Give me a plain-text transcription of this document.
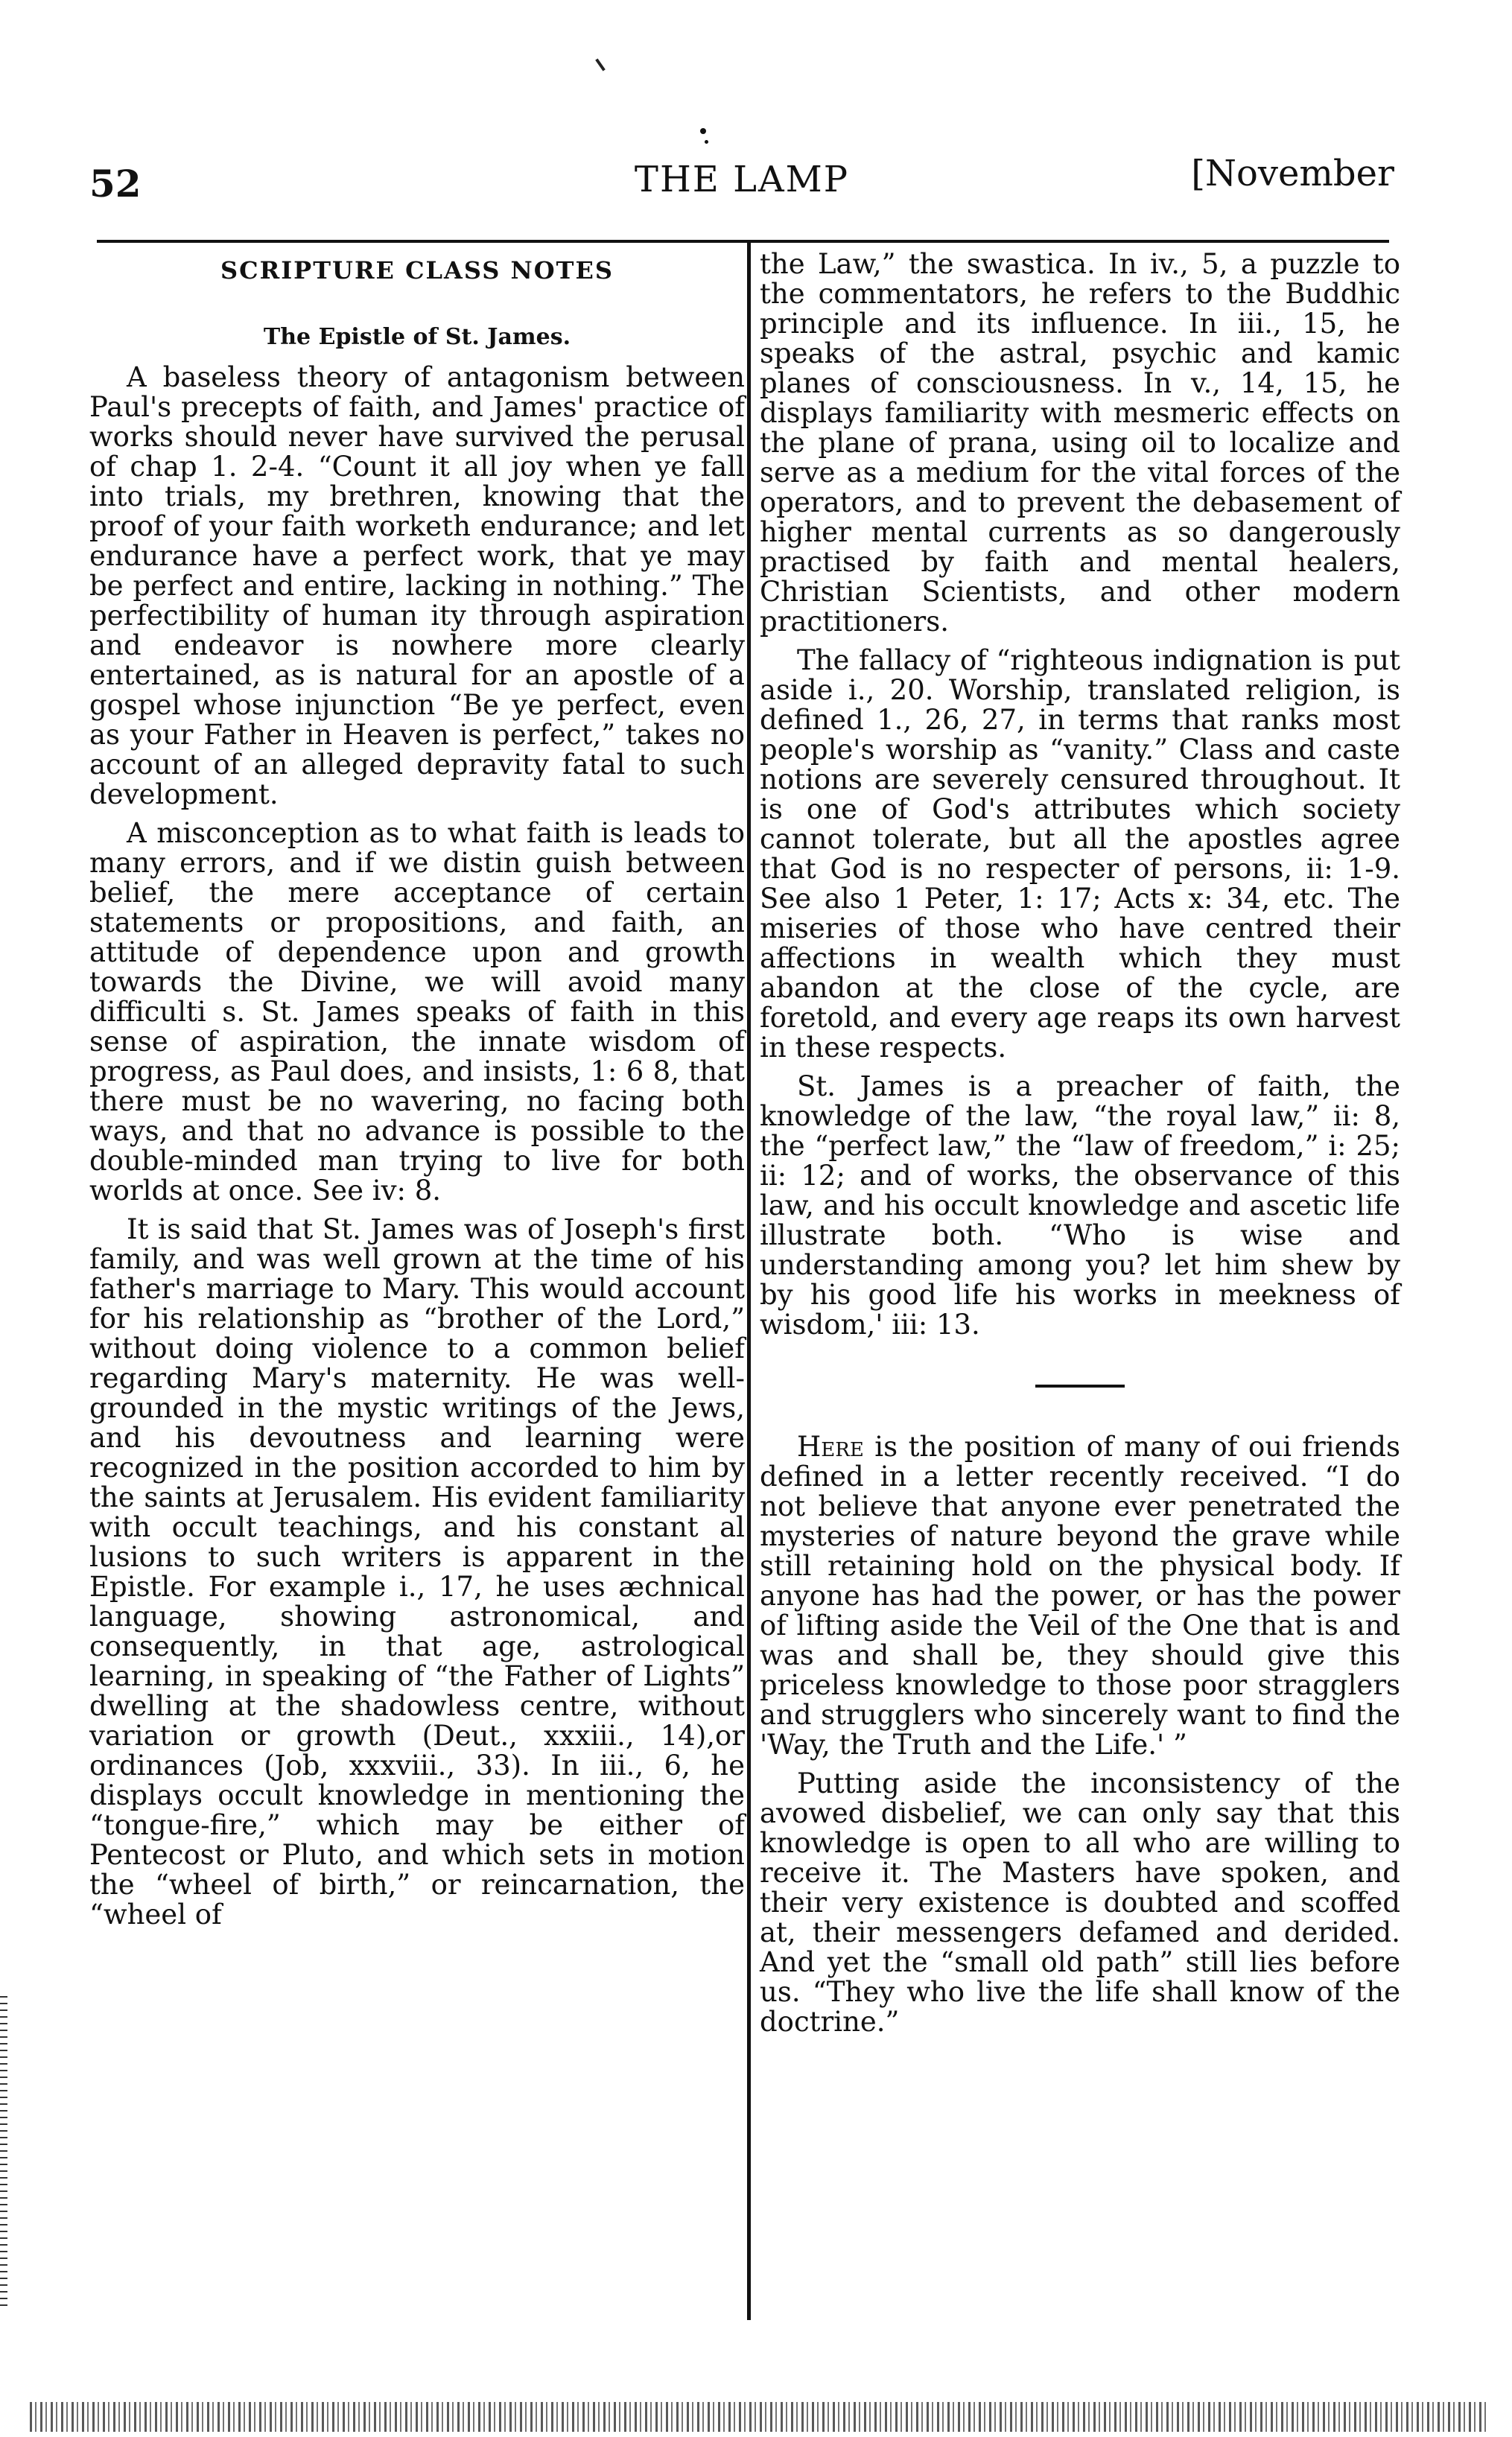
52	THE LAMP	[November
SCRIPTURE CLASS NOTES
The Epistle of St. James.

A baseless theory of antagonism between Paul's precepts of faith, and James' practice of works should never have survived the perusal of chap 1. 2-4. “Count it all joy when ye fall into trials, my brethren, knowing that the proof of your faith worketh endurance; and let endurance have a perfect work, that ye may be perfect and entire, lacking in nothing.” The perfectibility of human ity through aspiration and endeavor is nowhere more clearly entertained, as is natural for an apostle of a gospel whose injunction “Be ye perfect, even as your Father in Heaven is perfect,” takes no account of an alleged depravity fatal to such development.

A misconception as to what faith is leads to many errors, and if we distin guish between belief, the mere acceptance of certain statements or propositions, and faith, an attitude of dependence upon and growth towards the Divine, we will avoid many difficulti s. St. James speaks of faith in this sense of aspiration, the innate wisdom of progress, as Paul does, and insists, 1: 6 8, that there must be no wavering, no facing both ways, and that no advance is possible to the double-minded man trying to live for both worlds at once. See iv: 8.

It is said that St. James was of Joseph's first family, and was well grown at the time of his father's marriage to Mary. This would account for his relationship as “brother of the Lord,” without doing violence to a common belief regarding Mary's maternity. He was well-grounded in the mystic writings of the Jews, and his devoutness and learning were recognized in the position accorded to him by the saints at Jerusalem. His evident familiarity with occult teachings, and his constant al lusions to such writers is apparent in the Epistle. For example i., 17, he uses æchnical language, showing astronomical, and consequently, in that age, astrological learning, in speaking of “the Father of Lights” dwelling at the shadowless centre, without variation or growth (Deut., xxxiii., 14),or ordinances (Job, xxxviii., 33). In iii., 6, he displays occult knowledge in mentioning the “tongue-fire,” which may be either of Pentecost or Pluto, and which sets in motion the “wheel of birth,” or reincarnation, the “wheel of

the Law,” the swastica. In iv., 5, a puzzle to the commentators, he refers to the Buddhic principle and its influence. In iii., 15, he speaks of the astral, psychic and kamic planes of consciousness. In v., 14, 15, he displays familiarity with mesmeric effects on the plane of prana, using oil to localize and serve as a medium for the vital forces of the operators, and to prevent the debasement of higher mental currents as so dangerously practised by faith and mental healers, Christian Scientists, and other modern practitioners.

The fallacy of “righteous indignation is put aside i., 20. Worship, translated religion, is defined 1., 26, 27, in terms that ranks most people's worship as “vanity.” Class and caste notions are severely censured throughout. It is one of God's attributes which society cannot tolerate, but all the apostles agree that God is no respecter of persons, ii: 1-9. See also 1 Peter, 1: 17; Acts x: 34, etc. The miseries of those who have centred their affections in wealth which they must abandon at the close of the cycle, are foretold, and every age reaps its own harvest in these respects.

St. James is a preacher of faith, the knowledge of the law, “the royal law,” ii: 8, the “perfect law,” the “law of freedom,” i: 25; ii: 12; and of works, the observance of this law, and his occult knowledge and ascetic life illustrate both. “Who is wise and understanding among you? let him shew by by his good life his works in meekness of wisdom,' iii: 13.

Here is the position of many of oui friends defined in a letter recently received. “I do not believe that anyone ever penetrated the mysteries of nature beyond the grave while still retaining hold on the physical body. If anyone has had the power, or has the power of lifting aside the Veil of the One that is and was and shall be, they should give this priceless knowledge to those poor stragglers and strugglers who sincerely want to find the 'Way, the Truth and the Life.' ”

Putting aside the inconsistency of the avowed disbelief, we can only say that this knowledge is open to all who are willing to receive it. The Masters have spoken, and their very existence is doubted and scoffed at, their messengers defamed and derided. And yet the “small old path” still lies before us. “They who live the life shall know of the doctrine.”
